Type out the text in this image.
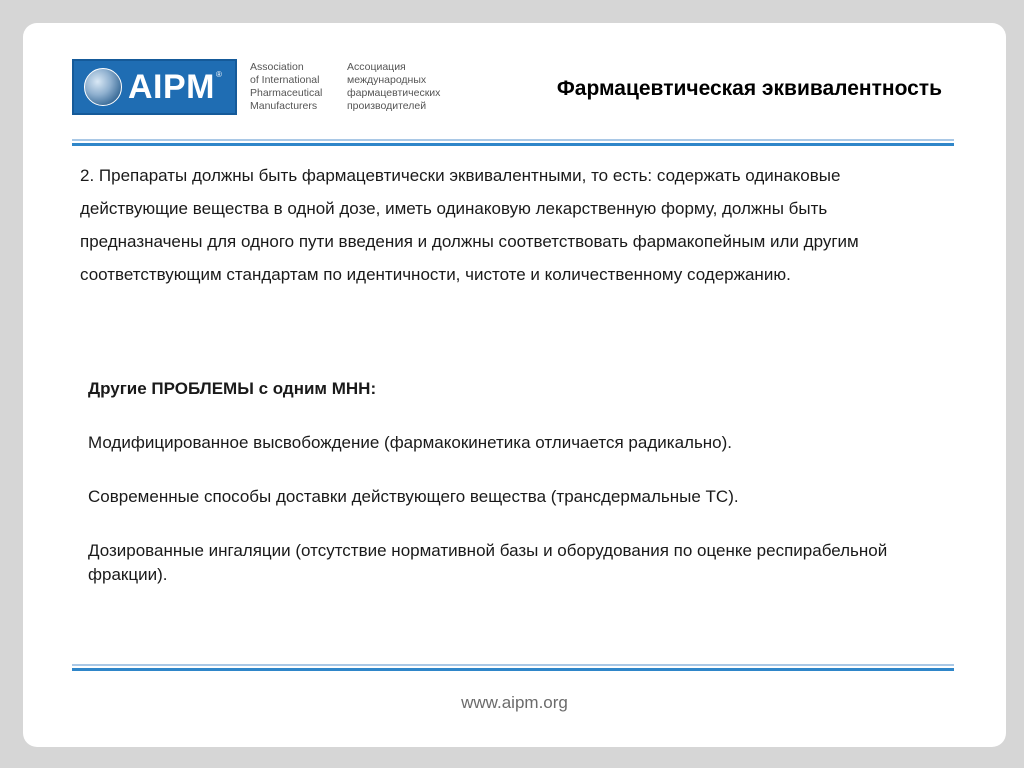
AIPM ®
Association
of International
Pharmaceutical
Manufacturers
Ассоциация
международных
фармацевтических
производителей
Фармацевтическая эквивалентность
2. Препараты должны быть фармацевтически эквивалентными, то есть: содержать одинаковые действующие вещества в одной дозе, иметь одинаковую лекарственную форму, должны быть предназначены для одного пути введения и должны соответствовать фармакопейным или другим соответствующим стандартам по идентичности, чистоте и количественному содержанию.
Другие ПРОБЛЕМЫ с одним МНН:
Модифицированное высвобождение (фармакокинетика отличается радикально).
Современные способы доставки действующего вещества (трансдермальные ТС).
Дозированные ингаляции (отсутствие нормативной базы и оборудования по оценке респирабельной фракции).
www.aipm.org
